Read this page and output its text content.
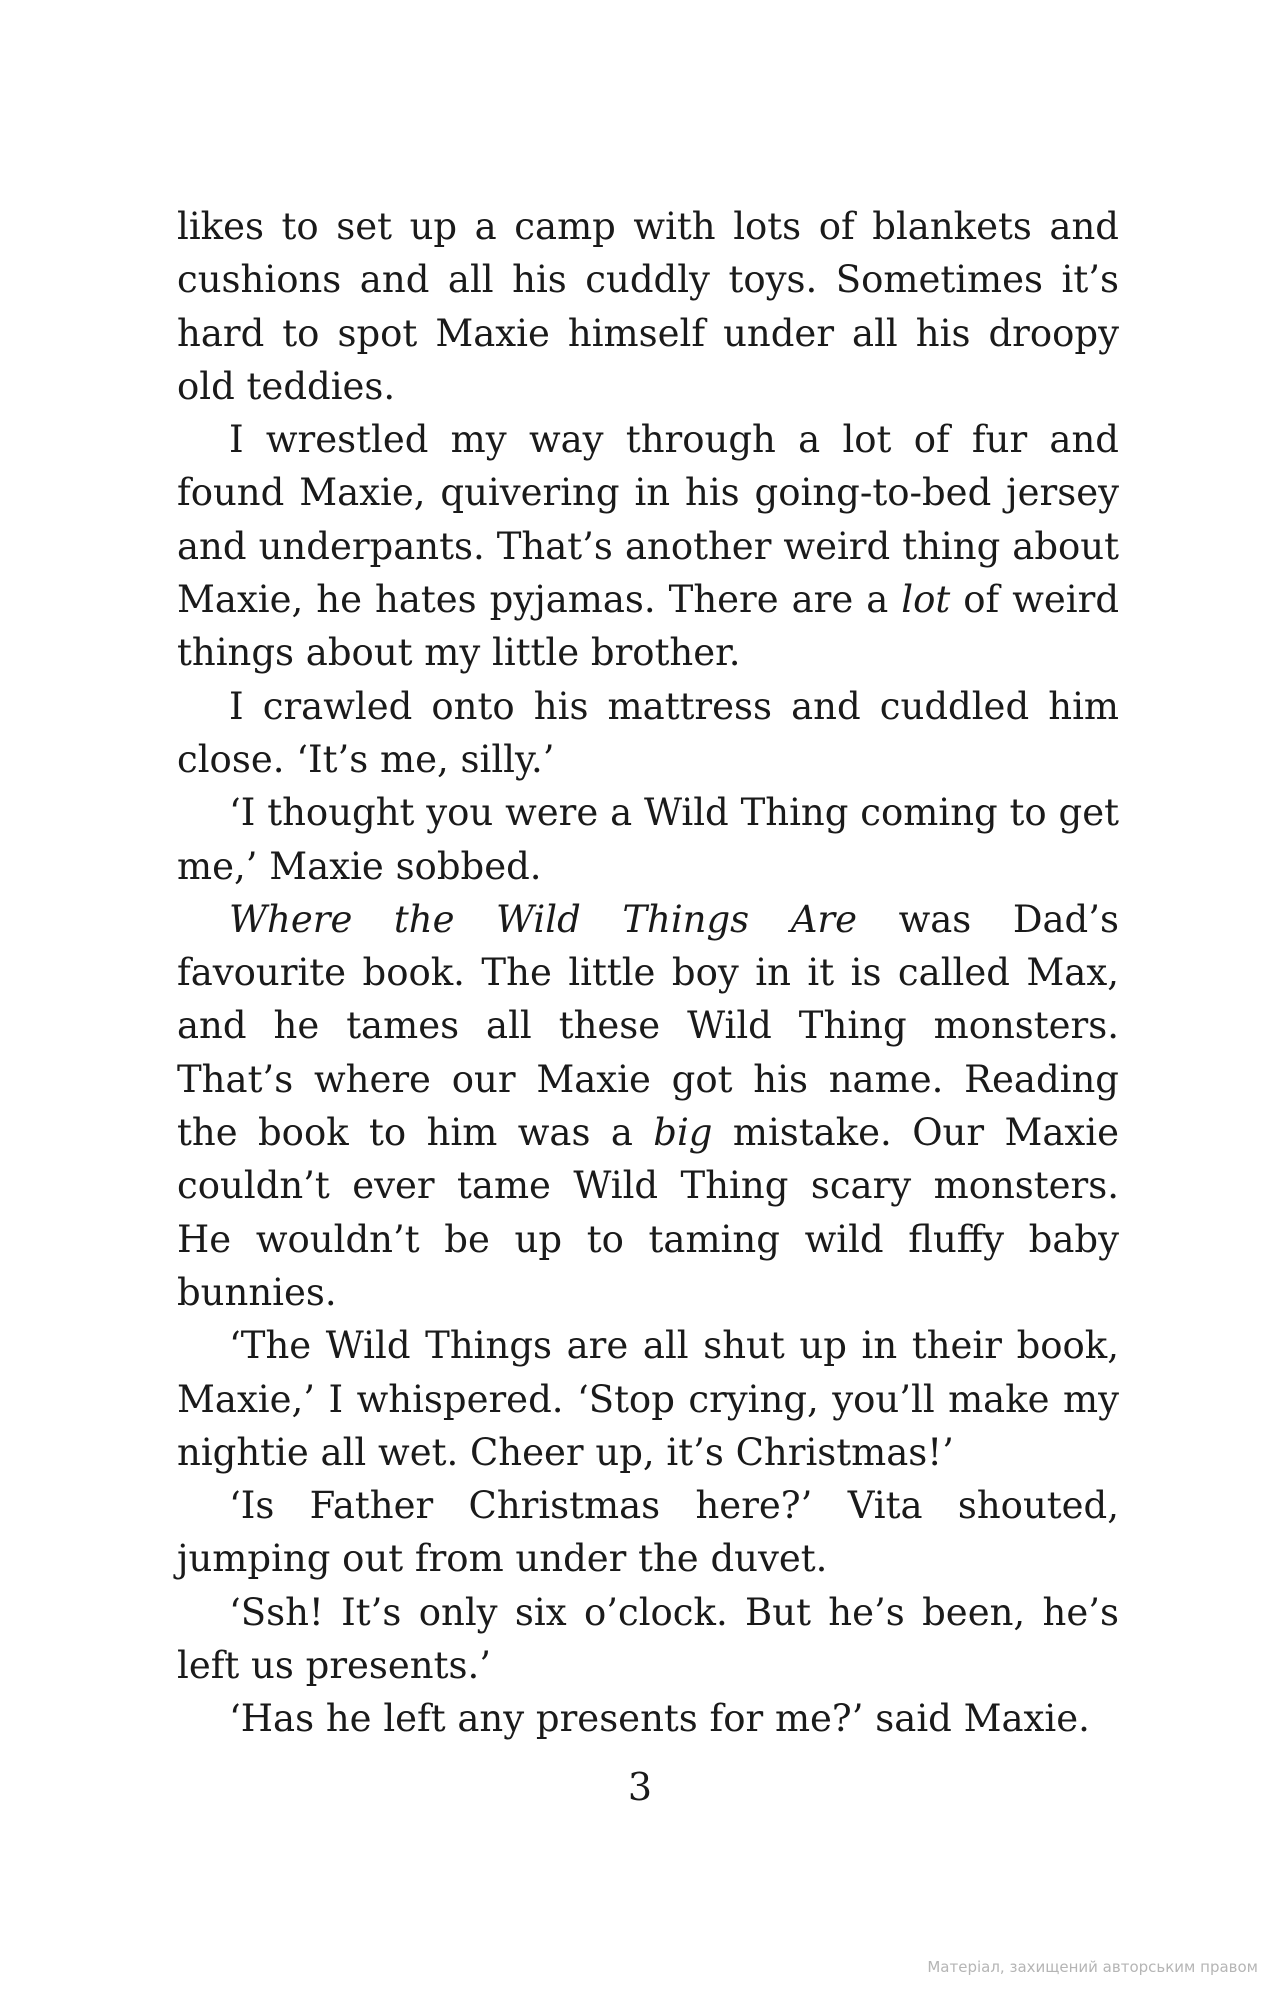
likes to set up a camp with lots of blankets and cushions and all his cuddly toys. Sometimes it’s hard to spot Maxie himself under all his droopy old teddies.

I wrestled my way through a lot of fur and found Maxie, quivering in his going-to-bed jersey and underpants. That’s another weird thing about Maxie, he hates pyjamas. There are a lot of weird things about my little brother.

I crawled onto his mattress and cuddled him close. ‘It’s me, silly.’

‘I thought you were a Wild Thing coming to get me,’ Maxie sobbed.

Where the Wild Things Are was Dad’s favourite book. The little boy in it is called Max, and he tames all these Wild Thing monsters. That’s where our Maxie got his name. Reading the book to him was a big mistake. Our Maxie couldn’t ever tame Wild Thing scary monsters. He wouldn’t be up to taming wild fluffy baby bunnies.

‘The Wild Things are all shut up in their book, Maxie,’ I whispered. ‘Stop crying, you’ll make my nightie all wet. Cheer up, it’s Christmas!’

‘Is Father Christmas here?’ Vita shouted, jumping out from under the duvet.

‘Ssh! It’s only six o’clock. But he’s been, he’s left us presents.’

‘Has he left any presents for me?’ said Maxie.

3
Матеріал, захищений авторським правом
